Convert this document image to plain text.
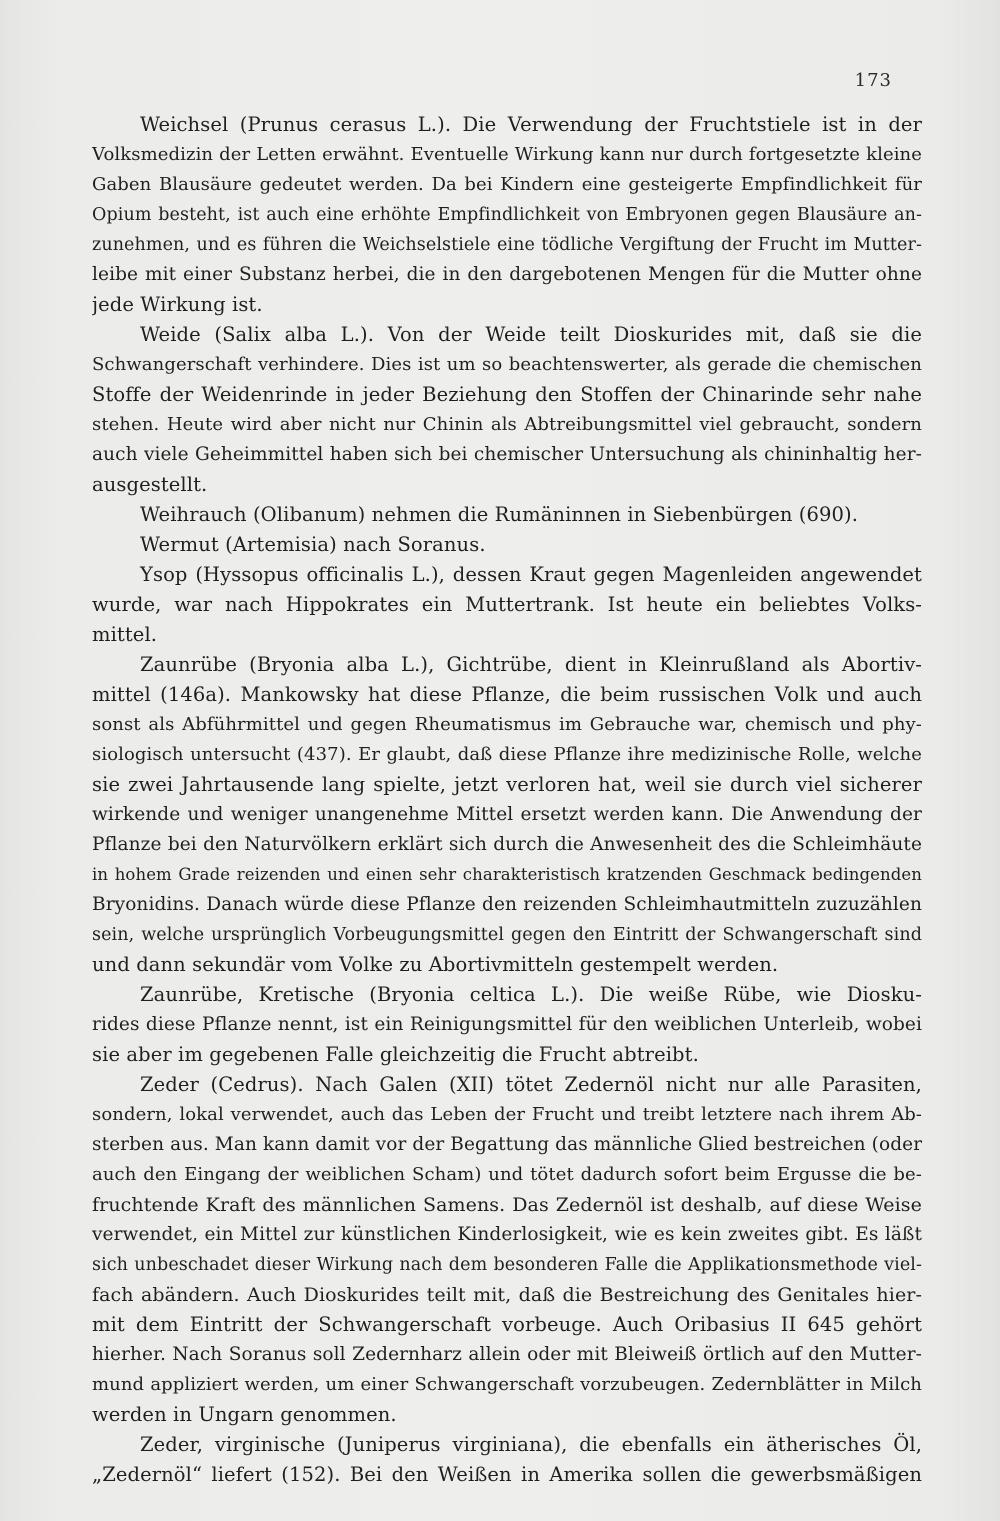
173
Weichsel (Prunus cerasus L.). Die Verwendung der Fruchtstiele ist in der
Volksmedizin der Letten erwähnt. Eventuelle Wirkung kann nur durch fortgesetzte kleine
Gaben Blausäure gedeutet werden. Da bei Kindern eine gesteigerte Empfindlichkeit für
Opium besteht, ist auch eine erhöhte Empfindlichkeit von Embryonen gegen Blausäure an-
zunehmen, und es führen die Weichselstiele eine tödliche Vergiftung der Frucht im Mutter-
leibe mit einer Substanz herbei, die in den dargebotenen Mengen für die Mutter ohne
jede Wirkung ist.
Weide (Salix alba L.). Von der Weide teilt Dioskurides mit, daß sie die
Schwangerschaft verhindere. Dies ist um so beachtenswerter, als gerade die chemischen
Stoffe der Weidenrinde in jeder Beziehung den Stoffen der Chinarinde sehr nahe
stehen. Heute wird aber nicht nur Chinin als Abtreibungsmittel viel gebraucht, sondern
auch viele Geheimmittel haben sich bei chemischer Untersuchung als chininhaltig her-
ausgestellt.
Weihrauch (Olibanum) nehmen die Rumäninnen in Siebenbürgen (690).
Wermut (Artemisia) nach Soranus.
Ysop (Hyssopus officinalis L.), dessen Kraut gegen Magenleiden angewendet
wurde, war nach Hippokrates ein Muttertrank. Ist heute ein beliebtes Volks-
mittel.
Zaunrübe (Bryonia alba L.), Gichtrübe, dient in Kleinrußland als Abortiv-
mittel (146a). Mankowsky hat diese Pflanze, die beim russischen Volk und auch
sonst als Abführmittel und gegen Rheumatismus im Gebrauche war, chemisch und phy-
siologisch untersucht (437). Er glaubt, daß diese Pflanze ihre medizinische Rolle, welche
sie zwei Jahrtausende lang spielte, jetzt verloren hat, weil sie durch viel sicherer
wirkende und weniger unangenehme Mittel ersetzt werden kann. Die Anwendung der
Pflanze bei den Naturvölkern erklärt sich durch die Anwesenheit des die Schleimhäute
in hohem Grade reizenden und einen sehr charakteristisch kratzenden Geschmack bedingenden
Bryonidins. Danach würde diese Pflanze den reizenden Schleimhautmitteln zuzuzählen
sein, welche ursprünglich Vorbeugungsmittel gegen den Eintritt der Schwangerschaft sind
und dann sekundär vom Volke zu Abortivmitteln gestempelt werden.
Zaunrübe, Kretische (Bryonia celtica L.). Die weiße Rübe, wie Diosku-
rides diese Pflanze nennt, ist ein Reinigungsmittel für den weiblichen Unterleib, wobei
sie aber im gegebenen Falle gleichzeitig die Frucht abtreibt.
Zeder (Cedrus). Nach Galen (XII) tötet Zedernöl nicht nur alle Parasiten,
sondern, lokal verwendet, auch das Leben der Frucht und treibt letztere nach ihrem Ab-
sterben aus. Man kann damit vor der Begattung das männliche Glied bestreichen (oder
auch den Eingang der weiblichen Scham) und tötet dadurch sofort beim Ergusse die be-
fruchtende Kraft des männlichen Samens. Das Zedernöl ist deshalb, auf diese Weise
verwendet, ein Mittel zur künstlichen Kinderlosigkeit, wie es kein zweites gibt. Es läßt
sich unbeschadet dieser Wirkung nach dem besonderen Falle die Applikationsmethode viel-
fach abändern. Auch Dioskurides teilt mit, daß die Bestreichung des Genitales hier-
mit dem Eintritt der Schwangerschaft vorbeuge. Auch Oribasius II 645 gehört
hierher. Nach Soranus soll Zedernharz allein oder mit Bleiweiß örtlich auf den Mutter-
mund appliziert werden, um einer Schwangerschaft vorzubeugen. Zedernblätter in Milch
werden in Ungarn genommen.
Zeder, virginische (Juniperus virginiana), die ebenfalls ein ätherisches Öl,
„Zedernöl“ liefert (152). Bei den Weißen in Amerika sollen die gewerbsmäßigen
